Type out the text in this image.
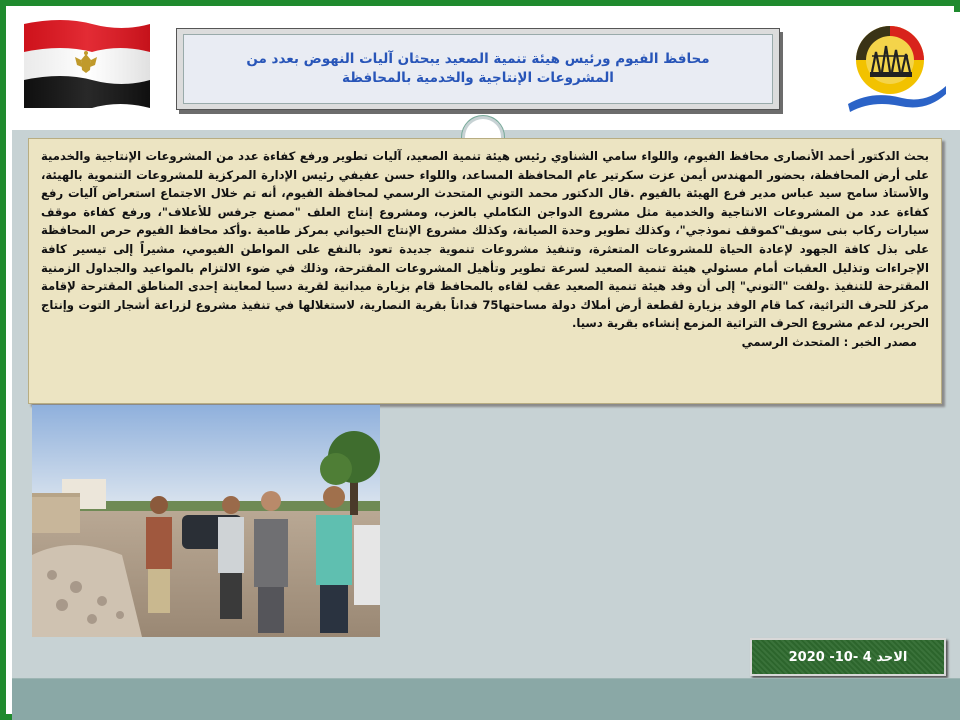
محافظ الفيوم ورئيس هيئة تنمية الصعيد يبحثان آليات النهوض بعدد من المشروعات الإنتاجية والخدمية بالمحافظة

بحث الدكتور أحمد الأنصارى محافظ الفيوم، واللواء سامي الشناوي رئيس هيئة تنمية الصعيد، آليات تطوير ورفع كفاءة عدد من المشروعات الإنتاجية والخدمية على أرض المحافظة، بحضور المهندس أيمن عزت سكرتير عام المحافظة المساعد، واللواء حسن عفيفي رئيس الإدارة المركزية للمشروعات التنموية بالهيئة، والأستاذ سامح سيد عباس مدير فرع الهيئة بالفيوم .قال الدكتور محمد التوني المتحدث الرسمي لمحافظة الفيوم، أنه تم خلال الاجتماع استعراض آليات رفع كفاءة عدد من المشروعات الانتاجية والخدمية مثل مشروع الدواجن التكاملي بالعزب، ومشروع إنتاج العلف "مصنع جرفس للأعلاف"، ورفع كفاءة موقف سيارات ركاب بنى سويف"كموقف نموذجي"، وكذلك تطوير وحدة الصيانة، وكذلك مشروع الإنتاج الحيواني بمركز طامية .وأكد محافظ الفيوم حرص المحافظة على بذل كافة الجهود لإعادة الحياة للمشروعات المتعثرة، وتنفيذ مشروعات تنموية جديدة تعود بالنفع على المواطن الفيومي، مشيراً إلى تيسير كافة الإجراءات وتذليل العقبات أمام مسئولي هيئة تنمية الصعيد لسرعة تطوير وتأهيل المشروعات المقترحة، وذلك في ضوء الالتزام بالمواعيد والجداول الزمنية المقترحة للتنفيذ .ولفت "التوني" إلى أن وفد هيئة تنمية الصعيد عقب لقاءه بالمحافظ قام بزيارة ميدانية لقرية دسيا لمعاينة إحدى المناطق المقترحة لإقامة مركز للحرف التراثية، كما قام الوفد بزيارة لقطعة أرض أملاك دولة مساحتها75 فداناً بقرية النصارية، لاستغلالها في تنفيذ مشروع لزراعة أشجار التوت وإنتاج الحرير، لدعم مشروع الحرف التراثية المزمع إنشاءه بقرية دسيا.

مصدر الخبر : المتحدث الرسمي

الاحد 4 -10- 2020
